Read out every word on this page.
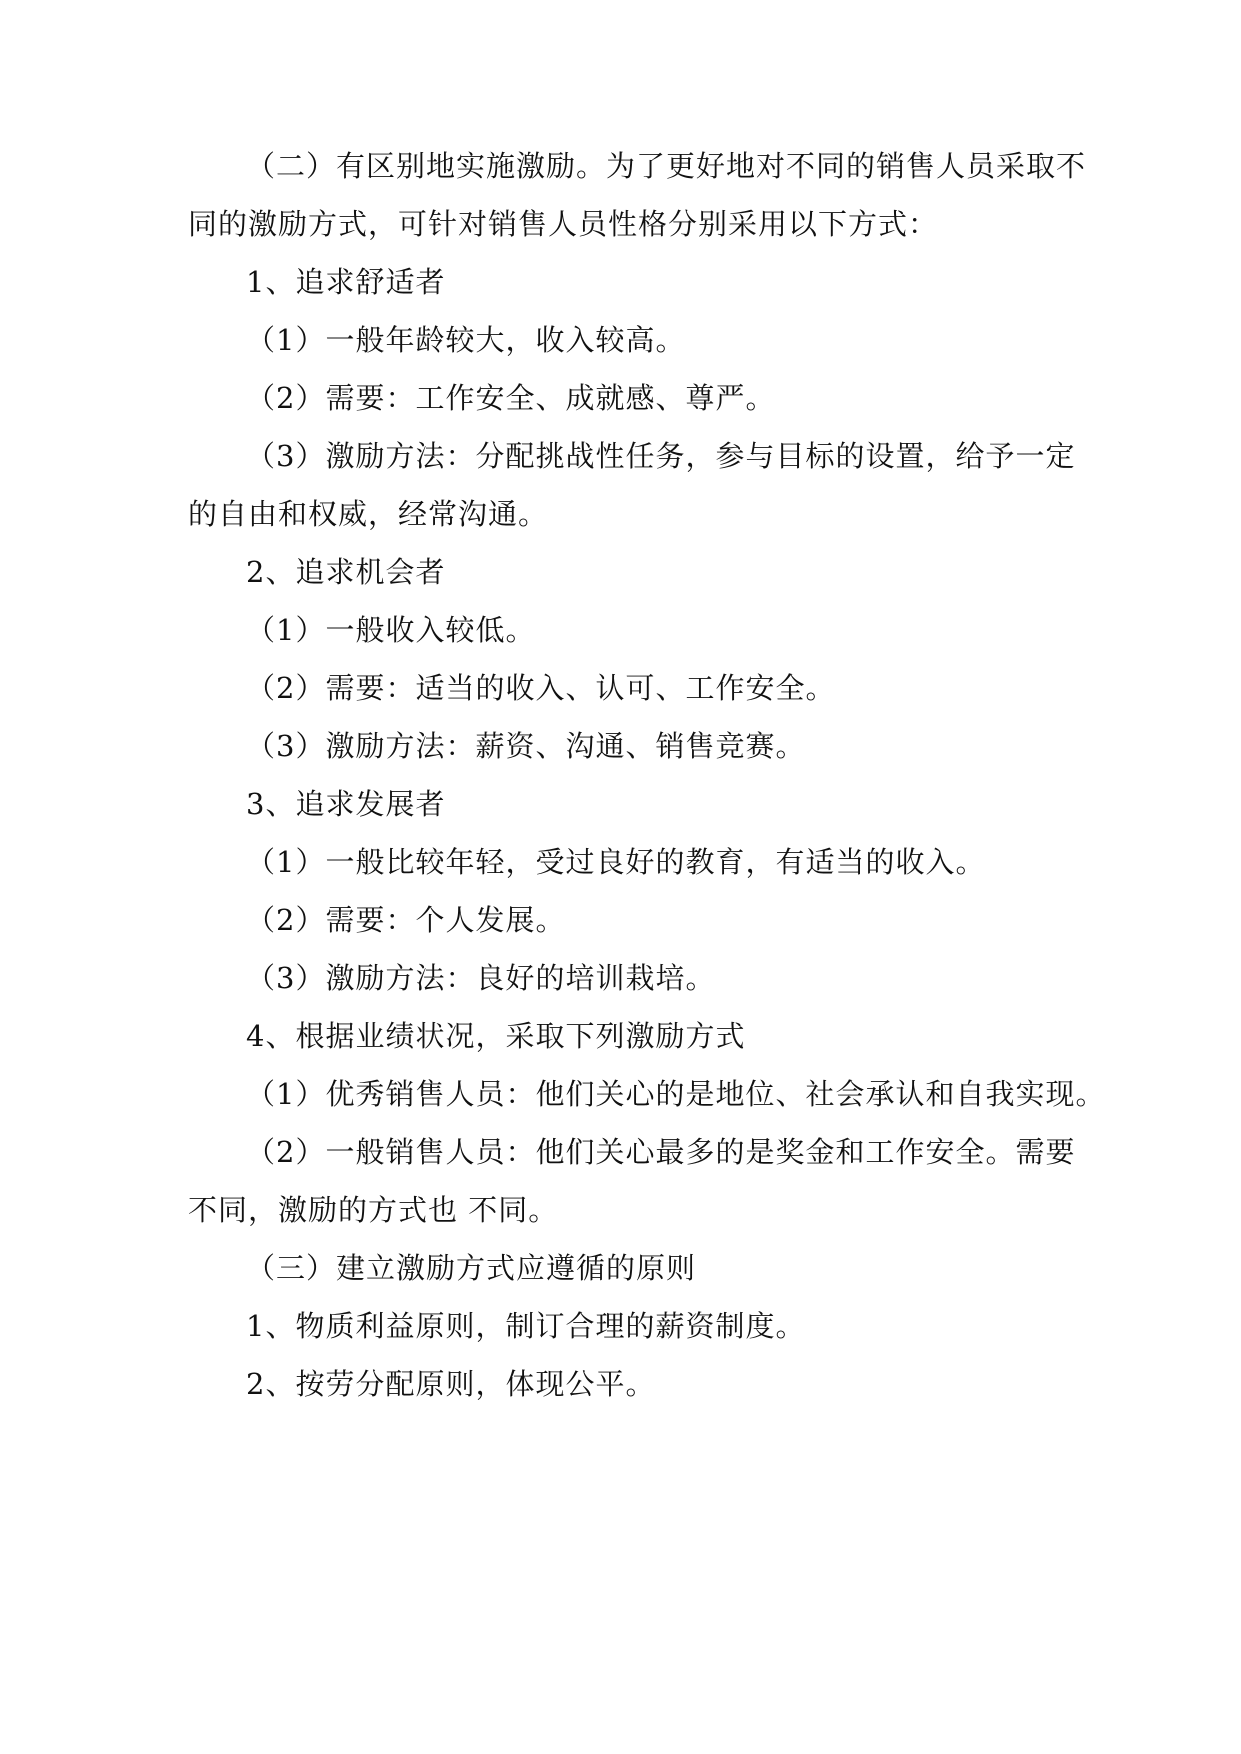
（二）有区别地实施激励。为了更好地对不同的销售人员采取不
同的激励方式，可针对销售人员性格分别采用以下方式：
1、追求舒适者
（1）一般年龄较大，收入较高。
（2）需要：工作安全、成就感、尊严。
（3）激励方法：分配挑战性任务，参与目标的设置，给予一定
的自由和权威，经常沟通。
2、追求机会者
（1）一般收入较低。
（2）需要：适当的收入、认可、工作安全。
（3）激励方法：薪资、沟通、销售竞赛。
3、追求发展者
（1）一般比较年轻，受过良好的教育，有适当的收入。
（2）需要：个人发展。
（3）激励方法：良好的培训栽培。
4、根据业绩状况，采取下列激励方式
（1）优秀销售人员：他们关心的是地位、社会承认和自我实现。
（2）一般销售人员：他们关心最多的是奖金和工作安全。需要
不同，激励的方式也 不同。
（三）建立激励方式应遵循的原则
1、物质利益原则，制订合理的薪资制度。
2、按劳分配原则，体现公平。
